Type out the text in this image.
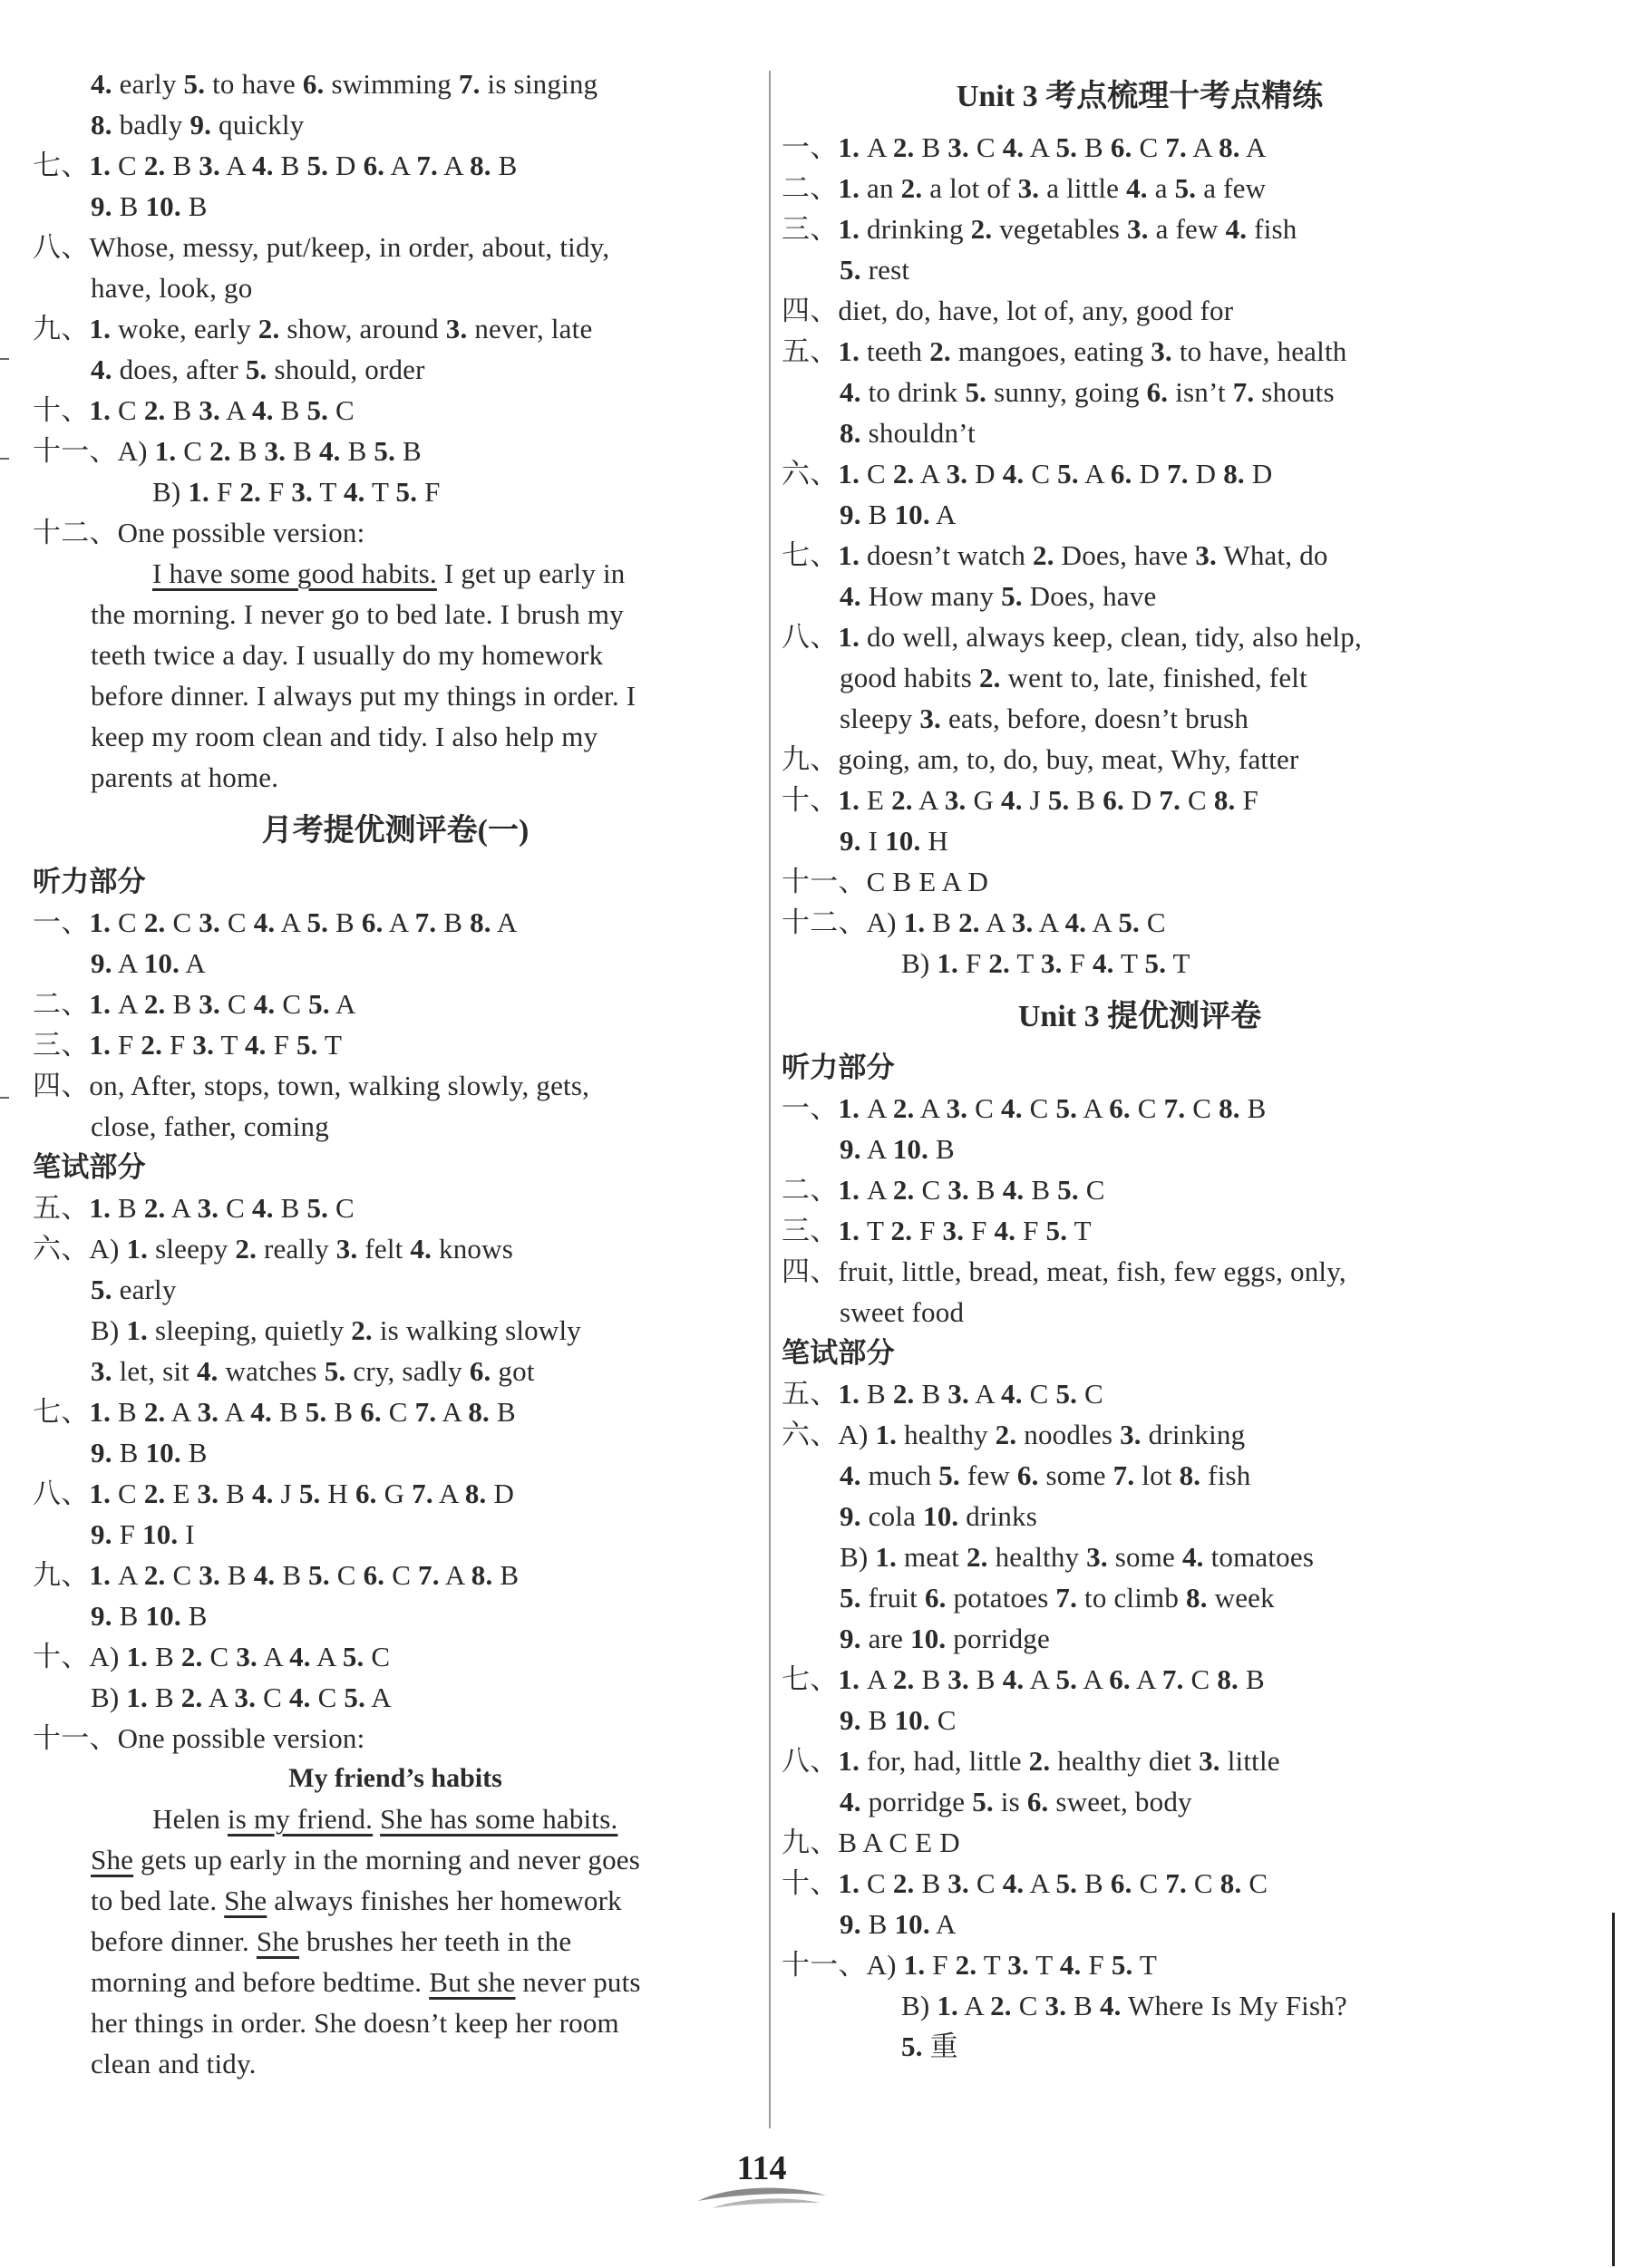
4. early 5. to have 6. swimming 7. is singing
8. badly 9. quickly
七、1. C 2. B 3. A 4. B 5. D 6. A 7. A 8. B
9. B 10. B
八、Whose, messy, put/keep, in order, about, tidy,
have, look, go
九、1. woke, early 2. show, around 3. never, late
4. does, after 5. should, order
十、1. C 2. B 3. A 4. B 5. C
十一、A) 1. C 2. B 3. B 4. B 5. B
B) 1. F 2. F 3. T 4. T 5. F
十二、One possible version:
I have some good habits. I get up early in
the morning. I never go to bed late. I brush my
teeth twice a day. I usually do my homework
before dinner. I always put my things in order. I
keep my room clean and tidy. I also help my
parents at home.
月考提优测评卷(一)
听力部分
一、1. C 2. C 3. C 4. A 5. B 6. A 7. B 8. A
9. A 10. A
二、1. A 2. B 3. C 4. C 5. A
三、1. F 2. F 3. T 4. F 5. T
四、on, After, stops, town, walking slowly, gets,
close, father, coming
笔试部分
五、1. B 2. A 3. C 4. B 5. C
六、A) 1. sleepy 2. really 3. felt 4. knows
5. early
B) 1. sleeping, quietly 2. is walking slowly
3. let, sit 4. watches 5. cry, sadly 6. got
七、1. B 2. A 3. A 4. B 5. B 6. C 7. A 8. B
9. B 10. B
八、1. C 2. E 3. B 4. J 5. H 6. G 7. A 8. D
9. F 10. I
九、1. A 2. C 3. B 4. B 5. C 6. C 7. A 8. B
9. B 10. B
十、A) 1. B 2. C 3. A 4. A 5. C
B) 1. B 2. A 3. C 4. C 5. A
十一、One possible version:
My friend’s habits
Helen is my friend. She has some habits.
She gets up early in the morning and never goes
to bed late. She always finishes her homework
before dinner. She brushes her teeth in the
morning and before bedtime. But she never puts
her things in order. She doesn’t keep her room
clean and tidy.
Unit 3 考点梳理十考点精练
一、1. A 2. B 3. C 4. A 5. B 6. C 7. A 8. A
二、1. an 2. a lot of 3. a little 4. a 5. a few
三、1. drinking 2. vegetables 3. a few 4. fish
5. rest
四、diet, do, have, lot of, any, good for
五、1. teeth 2. mangoes, eating 3. to have, health
4. to drink 5. sunny, going 6. isn’t 7. shouts
8. shouldn’t
六、1. C 2. A 3. D 4. C 5. A 6. D 7. D 8. D
9. B 10. A
七、1. doesn’t watch 2. Does, have 3. What, do
4. How many 5. Does, have
八、1. do well, always keep, clean, tidy, also help,
good habits 2. went to, late, finished, felt
sleepy 3. eats, before, doesn’t brush
九、going, am, to, do, buy, meat, Why, fatter
十、1. E 2. A 3. G 4. J 5. B 6. D 7. C 8. F
9. I 10. H
十一、C B E A D
十二、A) 1. B 2. A 3. A 4. A 5. C
B) 1. F 2. T 3. F 4. T 5. T
Unit 3 提优测评卷
听力部分
一、1. A 2. A 3. C 4. C 5. A 6. C 7. C 8. B
9. A 10. B
二、1. A 2. C 3. B 4. B 5. C
三、1. T 2. F 3. F 4. F 5. T
四、fruit, little, bread, meat, fish, few eggs, only,
sweet food
笔试部分
五、1. B 2. B 3. A 4. C 5. C
六、A) 1. healthy 2. noodles 3. drinking
4. much 5. few 6. some 7. lot 8. fish
9. cola 10. drinks
B) 1. meat 2. healthy 3. some 4. tomatoes
5. fruit 6. potatoes 7. to climb 8. week
9. are 10. porridge
七、1. A 2. B 3. B 4. A 5. A 6. A 7. C 8. B
9. B 10. C
八、1. for, had, little 2. healthy diet 3. little
4. porridge 5. is 6. sweet, body
九、B A C E D
十、1. C 2. B 3. C 4. A 5. B 6. C 7. C 8. C
9. B 10. A
十一、A) 1. F 2. T 3. T 4. F 5. T
B) 1. A 2. C 3. B 4. Where Is My Fish?
5. 重
114
